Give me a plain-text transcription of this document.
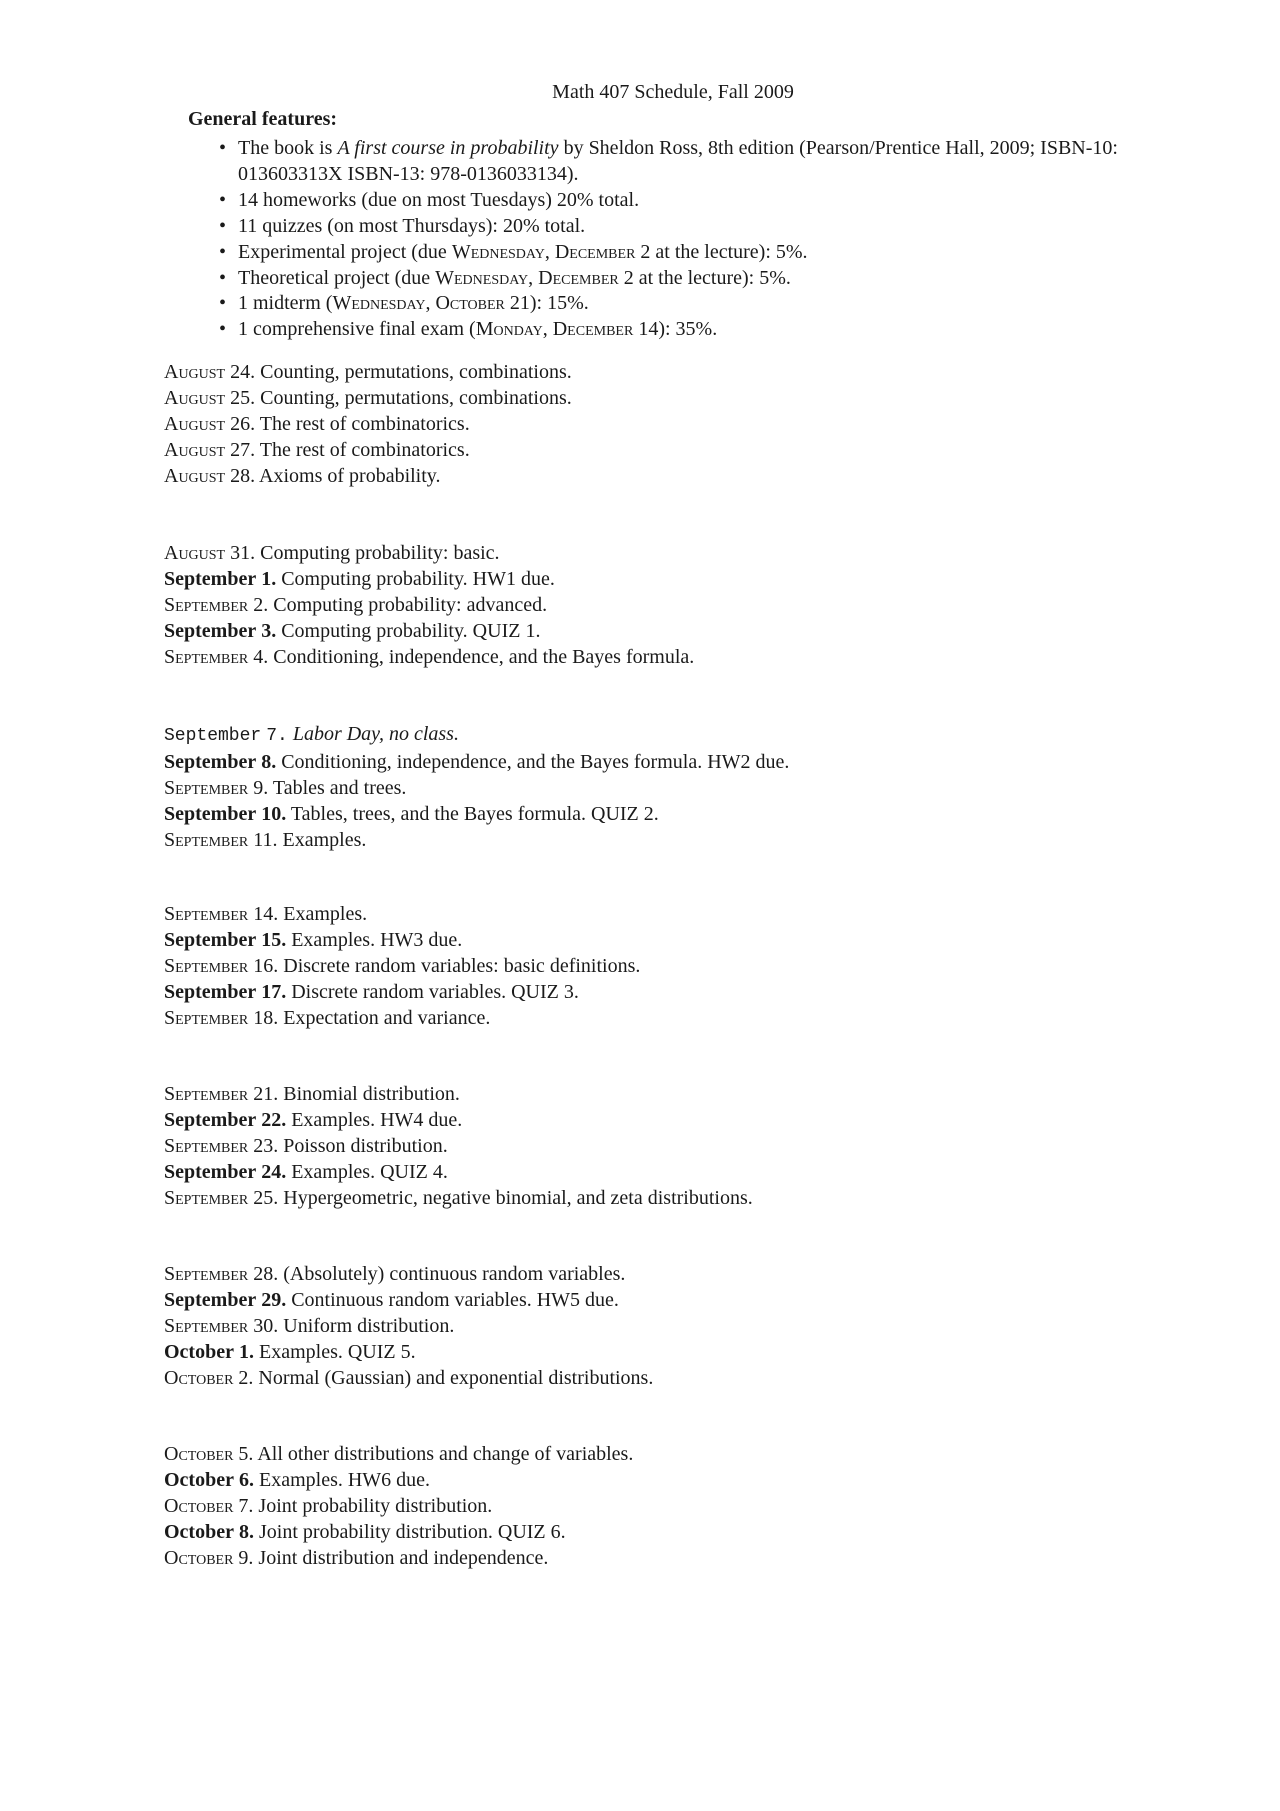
Math 407 Schedule, Fall 2009
General features:
• The book is A first course in probability by Sheldon Ross, 8th edition (Pearson/Prentice Hall, 2009; ISBN-10: 013603313X ISBN-13: 978-0136033134).
• 14 homeworks (due on most Tuesdays) 20% total.
• 11 quizzes (on most Thursdays): 20% total.
• Experimental project (due Wednesday, December 2 at the lecture): 5%.
• Theoretical project (due Wednesday, December 2 at the lecture): 5%.
• 1 midterm (Wednesday, October 21): 15%.
• 1 comprehensive final exam (Monday, December 14): 35%.
August 24. Counting, permutations, combinations.
August 25. Counting, permutations, combinations.
August 26. The rest of combinatorics.
August 27. The rest of combinatorics.
August 28. Axioms of probability.
August 31. Computing probability: basic.
September 1. Computing probability. HW1 due.
September 2. Computing probability: advanced.
September 3. Computing probability. QUIZ 1.
September 4. Conditioning, independence, and the Bayes formula.
September 7. Labor Day, no class.
September 8. Conditioning, independence, and the Bayes formula. HW2 due.
September 9. Tables and trees.
September 10. Tables, trees, and the Bayes formula. QUIZ 2.
September 11. Examples.
September 14. Examples.
September 15. Examples. HW3 due.
September 16. Discrete random variables: basic definitions.
September 17. Discrete random variables. QUIZ 3.
September 18. Expectation and variance.
September 21. Binomial distribution.
September 22. Examples. HW4 due.
September 23. Poisson distribution.
September 24. Examples. QUIZ 4.
September 25. Hypergeometric, negative binomial, and zeta distributions.
September 28. (Absolutely) continuous random variables.
September 29. Continuous random variables. HW5 due.
September 30. Uniform distribution.
October 1. Examples. QUIZ 5.
October 2. Normal (Gaussian) and exponential distributions.
October 5. All other distributions and change of variables.
October 6. Examples. HW6 due.
October 7. Joint probability distribution.
October 8. Joint probability distribution. QUIZ 6.
October 9. Joint distribution and independence.
